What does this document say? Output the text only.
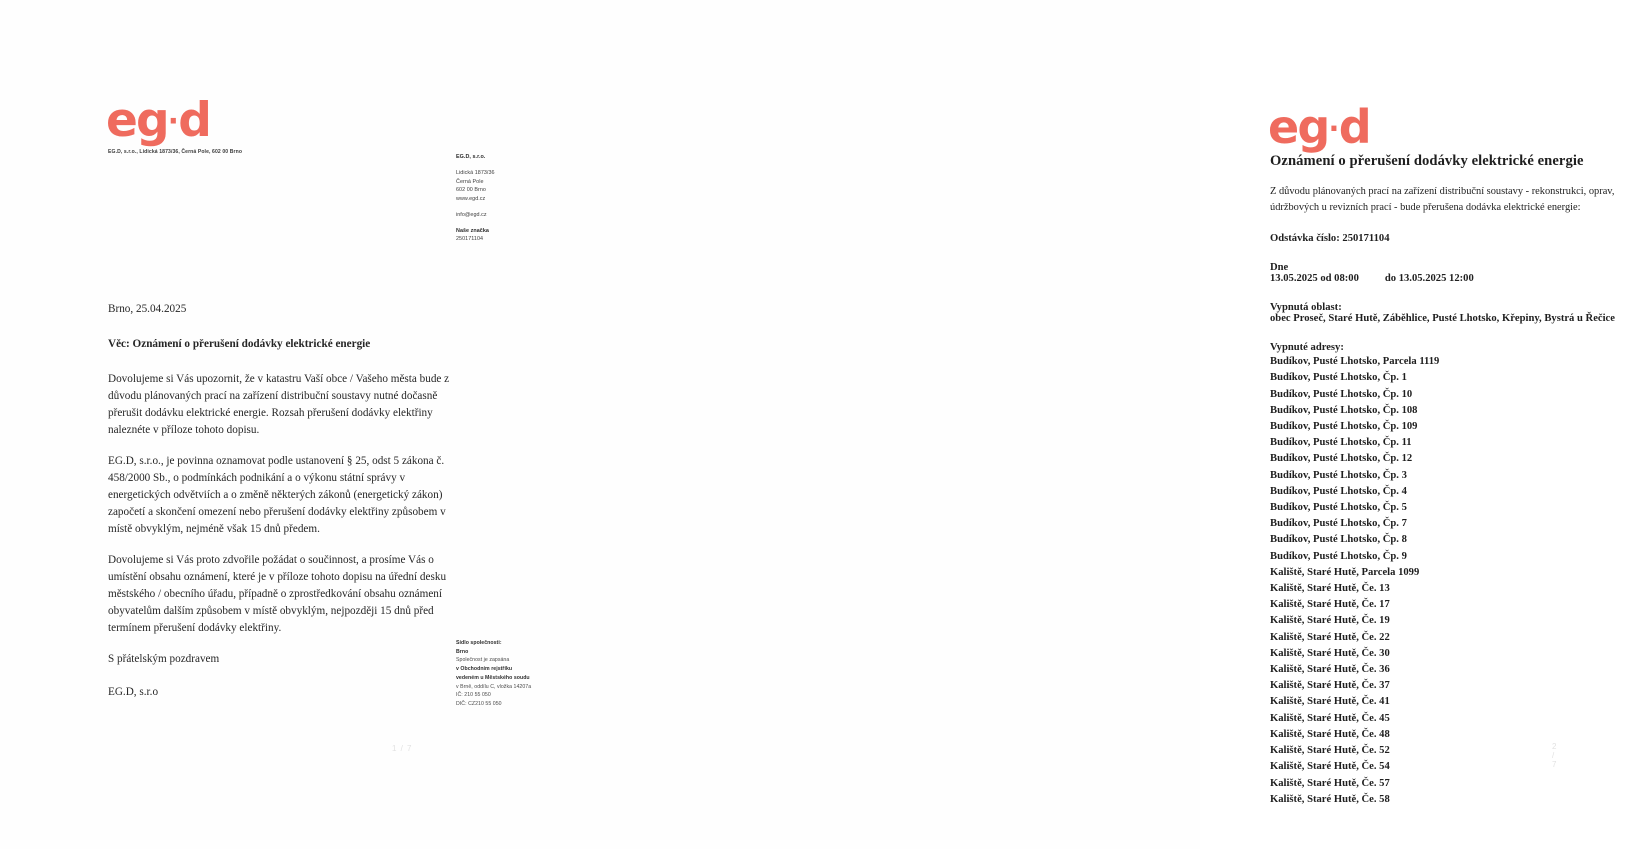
eg·d
EG.D, s.r.o., Lidická 1873/36, Černá Pole, 602 00 Brno
EG.D, s.r.o.
Lidická 1873/36
Černá Pole
602 00 Brno
www.egd.cz
info@egd.cz
Naše značka
250171104

Brno, 25.04.2025

Věc: Oznámení o přerušení dodávky elektrické energie

Dovolujeme si Vás upozornit, že v katastru Vaší obce / Vašeho města bude z důvodu plánovaných prací na zařízení distribuční soustavy nutné dočasně přerušit dodávku elektrické energie. Rozsah přerušení dodávky elektřiny naleznéte v příloze tohoto dopisu.

EG.D, s.r.o., je povinna oznamovat podle ustanovení § 25, odst 5 zákona č. 458/2000 Sb., o podmínkách podnikání a o výkonu státní správy v energetických odvětviích a o změně některých zákonů (energetický zákon) započetí a skončení omezení nebo přerušení dodávky elektřiny způsobem v místě obvyklým, nejméně však 15 dnů předem.

Dovolujeme si Vás proto zdvořile požádat o součinnost, a prosíme Vás o umístění obsahu oznámení, které je v příloze tohoto dopisu na úřední desku městského / obecního úřadu, případně o zprostředkování obsahu oznámení obyvatelům dalším způsobem v místě obvyklým, nejpozději 15 dnů před termínem přerušení dodávky elektřiny.

S přátelským pozdravem

EG.D, s.r.o

Sídlo společnosti:
Brno
Společnost je zapsána
v Obchodním rejstříku
vedeném u Městského soudu
v Brně, oddílu C, vložka 14207a
IČ: 210 55 050
DIČ: CZ210 55 050
1 / 7
eg·d
Oznámení o přerušení dodávky elektrické energie

Z důvodu plánovaných prací na zařízení distribuční soustavy - rekonstrukci, oprav, údržbových u revizních prací - bude přerušena dodávka elektrické energie:

Odstávka číslo: 250171104

Dne

13.05.2025 od 08:00 do 13.05.2025 12:00

Vypnutá oblast:

obec Proseč, Staré Hutě, Záběhlice, Pusté Lhotsko, Křepiny, Bystrá u Řečice

Vypnuté adresy:

Budíkov, Pusté Lhotsko, Parcela 1119
Budíkov, Pusté Lhotsko, Čp. 1
Budíkov, Pusté Lhotsko, Čp. 10
Budíkov, Pusté Lhotsko, Čp. 108
Budíkov, Pusté Lhotsko, Čp. 109
Budíkov, Pusté Lhotsko, Čp. 11
Budíkov, Pusté Lhotsko, Čp. 12
Budíkov, Pusté Lhotsko, Čp. 3
Budíkov, Pusté Lhotsko, Čp. 4
Budíkov, Pusté Lhotsko, Čp. 5
Budíkov, Pusté Lhotsko, Čp. 7
Budíkov, Pusté Lhotsko, Čp. 8
Budíkov, Pusté Lhotsko, Čp. 9
Kaliště, Staré Hutě, Parcela 1099
Kaliště, Staré Hutě, Če. 13
Kaliště, Staré Hutě, Če. 17
Kaliště, Staré Hutě, Če. 19
Kaliště, Staré Hutě, Če. 22
Kaliště, Staré Hutě, Če. 30
Kaliště, Staré Hutě, Če. 36
Kaliště, Staré Hutě, Če. 37
Kaliště, Staré Hutě, Če. 41
Kaliště, Staré Hutě, Če. 45
Kaliště, Staré Hutě, Če. 48
Kaliště, Staré Hutě, Če. 52
Kaliště, Staré Hutě, Če. 54
Kaliště, Staré Hutě, Če. 57
Kaliště, Staré Hutě, Če. 58
2 / 7
